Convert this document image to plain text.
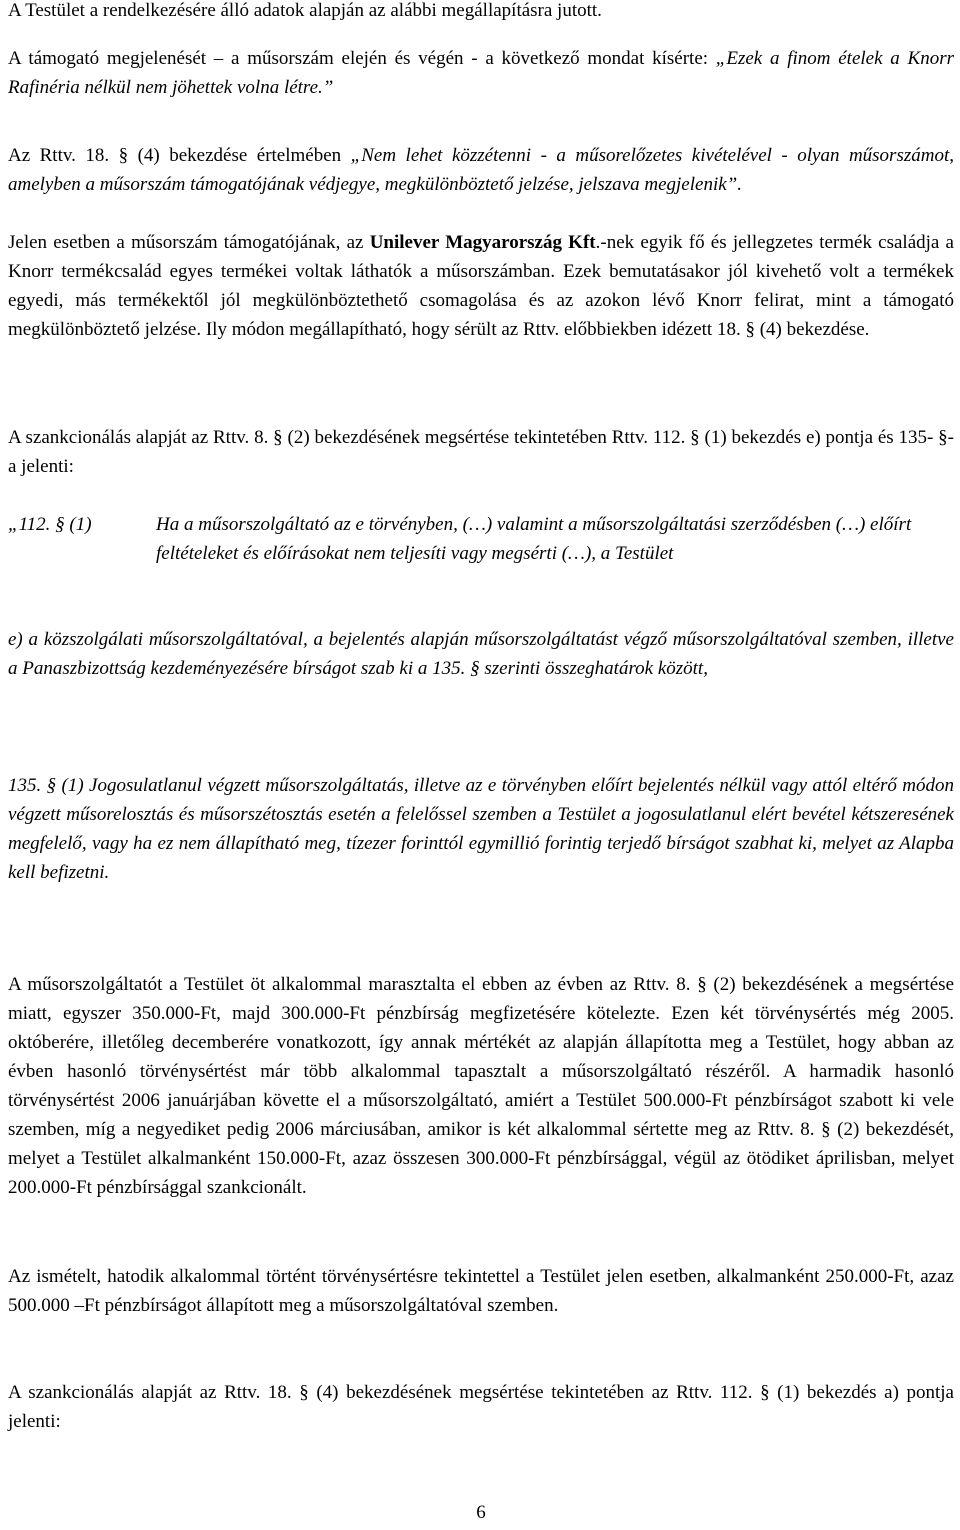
A Testület a rendelkezésére álló adatok alapján az alábbi megállapításra jutott.

A támogató megjelenését – a műsorszám elején és végén - a következő mondat kísérte: „Ezek a finom ételek a Knorr Rafinéria nélkül nem jöhettek volna létre.”

Az Rttv. 18. § (4) bekezdése értelmében „Nem lehet közzétenni - a műsorelőzetes kivételével - olyan műsorszámot, amelyben a műsorszám támogatójának védjegye, megkülönböztető jelzése, jelszava megjelenik”.

Jelen esetben a műsorszám támogatójának, az Unilever Magyarország Kft.-nek egyik fő és jellegzetes termék családja a Knorr termékcsalád egyes termékei voltak láthatók a műsorszámban. Ezek bemutatásakor jól kivehető volt a termékek egyedi, más termékektől jól megkülönböztethető csomagolása és az azokon lévő Knorr felirat, mint a támogató megkülönböztető jelzése. Ily módon megállapítható, hogy sérült az Rttv. előbbiekben idézett 18. § (4) bekezdése.

A szankcionálás alapját az Rttv. 8. § (2) bekezdésének megsértése tekintetében Rttv. 112. § (1) bekezdés e) pontja és 135- §-a jelenti:

„112. § (1)	Ha a műsorszolgáltató az e törvényben, (…) valamint a műsorszolgáltatási szerződésben (…) előírt feltételeket és előírásokat nem teljesíti vagy megsérti (…), a Testület

e) a közszolgálati műsorszolgáltatóval, a bejelentés alapján műsorszolgáltatást végző műsorszolgáltatóval szemben, illetve a Panaszbizottság kezdeményezésére bírságot szab ki a 135. § szerinti összeghatárok között,

135. § (1) Jogosulatlanul végzett műsorszolgáltatás, illetve az e törvényben előírt bejelentés nélkül vagy attól eltérő módon végzett műsorelosztás és műsorszétosztás esetén a felelőssel szemben a Testület a jogosulatlanul elért bevétel kétszeresének megfelelő, vagy ha ez nem állapítható meg, tízezer forinttól egymillió forintig terjedő bírságot szabhat ki, melyet az Alapba kell befizetni.

A műsorszolgáltatót a Testület öt alkalommal marasztalta el ebben az évben az Rttv. 8. § (2) bekezdésének a megsértése miatt, egyszer 350.000-Ft, majd 300.000-Ft pénzbírság megfizetésére kötelezte. Ezen két törvénysértés még 2005. októberére, illetőleg decemberére vonatkozott, így annak mértékét az alapján állapította meg a Testület, hogy abban az évben hasonló törvénysértést már több alkalommal tapasztalt a műsorszolgáltató részéről. A harmadik hasonló törvénysértést 2006 januárjában követte el a műsorszolgáltató, amiért a Testület 500.000-Ft pénzbírságot szabott ki vele szemben, míg a negyediket pedig 2006 márciusában, amikor is két alkalommal sértette meg az Rttv. 8. § (2) bekezdését, melyet a Testület alkalmanként 150.000-Ft, azaz összesen 300.000-Ft pénzbírsággal, végül az ötödiket áprilisban, melyet 200.000-Ft pénzbírsággal szankcionált.

Az ismételt, hatodik alkalommal történt törvénysértésre tekintettel a Testület jelen esetben, alkalmanként 250.000-Ft, azaz 500.000 –Ft pénzbírságot állapított meg a műsorszolgáltatóval szemben.

A szankcionálás alapját az Rttv. 18. § (4) bekezdésének megsértése tekintetében az Rttv. 112. § (1) bekezdés a) pontja jelenti:

6
